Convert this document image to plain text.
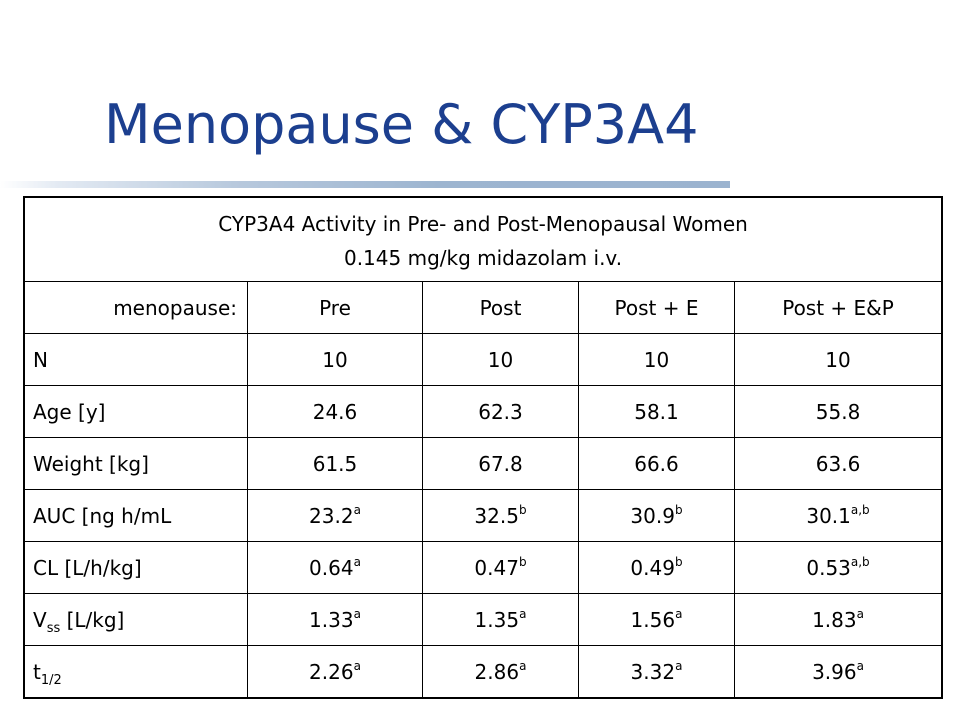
Menopause & CYP3A4
CYP3A4 Activity in Pre- and Post-Menopausal Women
0.145 mg/kg midazolam i.v.				

menopause:	Pre	Post	Post + E	Post + E&P
N	10	10	10	10
Age [y]	24.6	62.3	58.1	55.8
Weight [kg]	61.5	67.8	66.6	63.6
AUC [ng h/mL	23.2$^a$	32.5$^b$	30.9$^b$	30.1$^{a,b}$
CL [L/h/kg]	0.64$^a$	0.47$^b$	0.49$^b$	0.53$^{a,b}$
$V_{ss}$ [L/kg]	1.33$^a$	1.35$^a$	1.56$^a$	1.83$^a$
$t_{1/2}$	2.26$^a$	2.86$^a$	3.32$^a$	3.96$^a$
